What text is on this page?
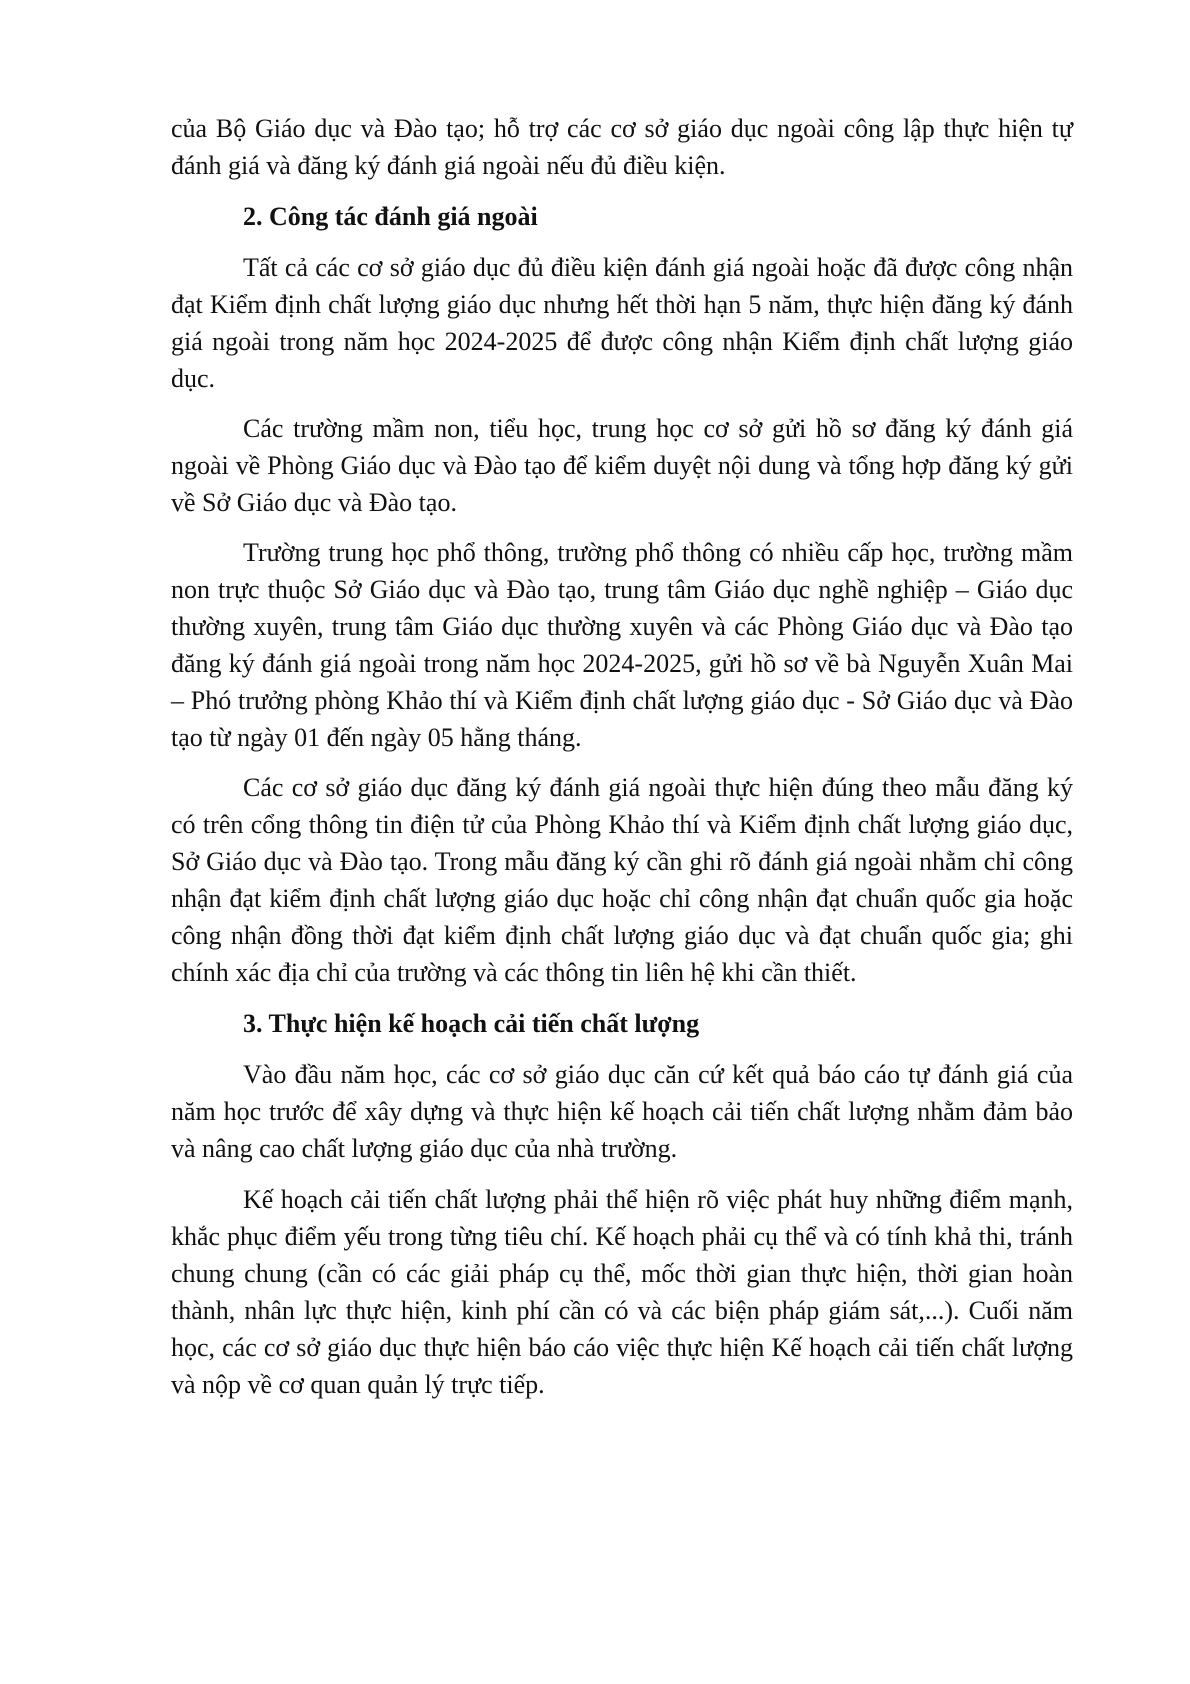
của Bộ Giáo dục và Đào tạo; hỗ trợ các cơ sở giáo dục ngoài công lập thực hiện tự đánh giá và đăng ký đánh giá ngoài nếu đủ điều kiện.

2. Công tác đánh giá ngoài

Tất cả các cơ sở giáo dục đủ điều kiện đánh giá ngoài hoặc đã được công nhận đạt Kiểm định chất lượng giáo dục nhưng hết thời hạn 5 năm, thực hiện đăng ký đánh giá ngoài trong năm học 2024-2025 để được công nhận Kiểm định chất lượng giáo dục.

Các trường mầm non, tiểu học, trung học cơ sở gửi hồ sơ đăng ký đánh giá ngoài về Phòng Giáo dục và Đào tạo để kiểm duyệt nội dung và tổng hợp đăng ký gửi về Sở Giáo dục và Đào tạo.

Trường trung học phổ thông, trường phổ thông có nhiều cấp học, trường mầm non trực thuộc Sở Giáo dục và Đào tạo, trung tâm Giáo dục nghề nghiệp – Giáo dục thường xuyên, trung tâm Giáo dục thường xuyên và các Phòng Giáo dục và Đào tạo đăng ký đánh giá ngoài trong năm học 2024-2025, gửi hồ sơ về bà Nguyễn Xuân Mai – Phó trưởng phòng Khảo thí và Kiểm định chất lượng giáo dục - Sở Giáo dục và Đào tạo từ ngày 01 đến ngày 05 hằng tháng.

Các cơ sở giáo dục đăng ký đánh giá ngoài thực hiện đúng theo mẫu đăng ký có trên cổng thông tin điện tử của Phòng Khảo thí và Kiểm định chất lượng giáo dục, Sở Giáo dục và Đào tạo. Trong mẫu đăng ký cần ghi rõ đánh giá ngoài nhằm chỉ công nhận đạt kiểm định chất lượng giáo dục hoặc chỉ công nhận đạt chuẩn quốc gia hoặc công nhận đồng thời đạt kiểm định chất lượng giáo dục và đạt chuẩn quốc gia; ghi chính xác địa chỉ của trường và các thông tin liên hệ khi cần thiết.

3. Thực hiện kế hoạch cải tiến chất lượng

Vào đầu năm học, các cơ sở giáo dục căn cứ kết quả báo cáo tự đánh giá của năm học trước để xây dựng và thực hiện kế hoạch cải tiến chất lượng nhằm đảm bảo và nâng cao chất lượng giáo dục của nhà trường.

Kế hoạch cải tiến chất lượng phải thể hiện rõ việc phát huy những điểm mạnh, khắc phục điểm yếu trong từng tiêu chí. Kế hoạch phải cụ thể và có tính khả thi, tránh chung chung (cần có các giải pháp cụ thể, mốc thời gian thực hiện, thời gian hoàn thành, nhân lực thực hiện, kinh phí cần có và các biện pháp giám sát,...). Cuối năm học, các cơ sở giáo dục thực hiện báo cáo việc thực hiện Kế hoạch cải tiến chất lượng và nộp về cơ quan quản lý trực tiếp.
